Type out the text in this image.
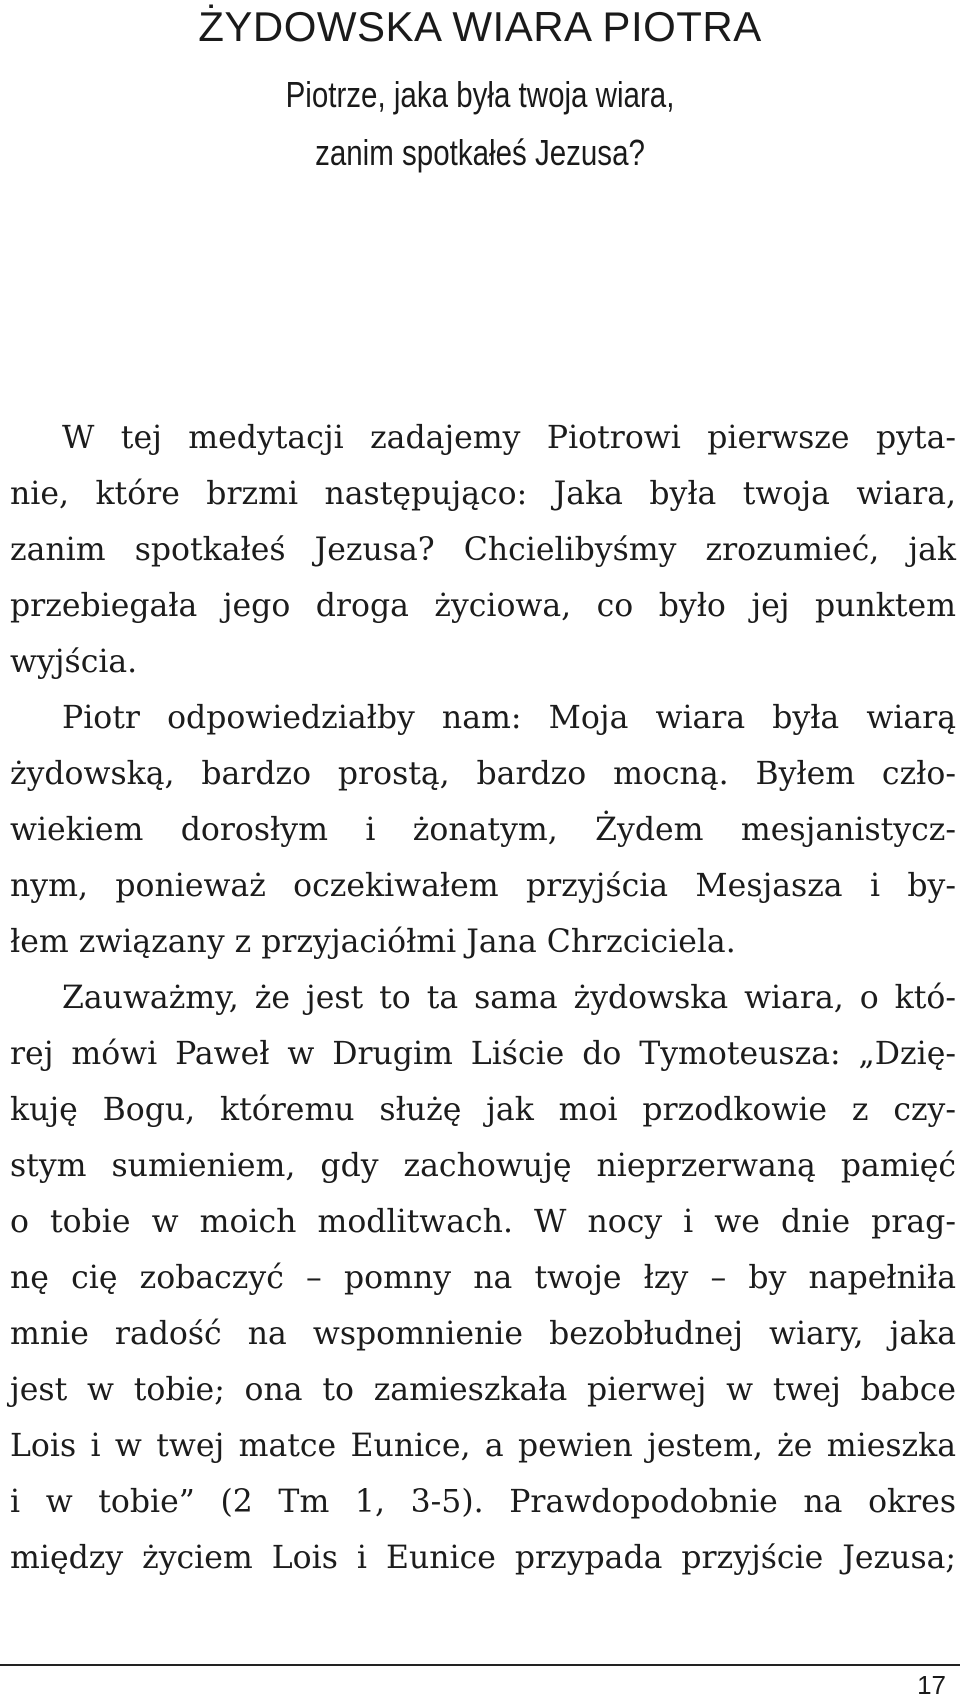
ŻYDOWSKA WIARA PIOTRA
Piotrze, jaka była twoja wiara,
zanim spotkałeś Jezusa?
W tej medytacji zadajemy Piotrowi pierwsze pyta-
nie, które brzmi następująco: Jaka była twoja wiara,
zanim spotkałeś Jezusa? Chcielibyśmy zrozumieć, jak
przebiegała jego droga życiowa, co było jej punktem
wyjścia.
Piotr odpowiedziałby nam: Moja wiara była wiarą
żydowską, bardzo prostą, bardzo mocną. Byłem czło-
wiekiem dorosłym i żonatym, Żydem mesjanistycz-
nym, ponieważ oczekiwałem przyjścia Mesjasza i by-
łem związany z przyjaciółmi Jana Chrzciciela.
Zauważmy, że jest to ta sama żydowska wiara, o któ-
rej mówi Paweł w Drugim Liście do Tymoteusza: „Dzię-
kuję Bogu, któremu służę jak moi przodkowie z czy-
stym sumieniem, gdy zachowuję nieprzerwaną pamięć
o tobie w moich modlitwach. W nocy i we dnie prag-
nę cię zobaczyć – pomny na twoje łzy – by napełniła
mnie radość na wspomnienie bezobłudnej wiary, jaka
jest w tobie; ona to zamieszkała pierwej w twej babce
Lois i w twej matce Eunice, a pewien jestem, że mieszka
i w tobie” (2 Tm 1, 3-5). Prawdopodobnie na okres
między życiem Lois i Eunice przypada przyjście Jezusa;
17
